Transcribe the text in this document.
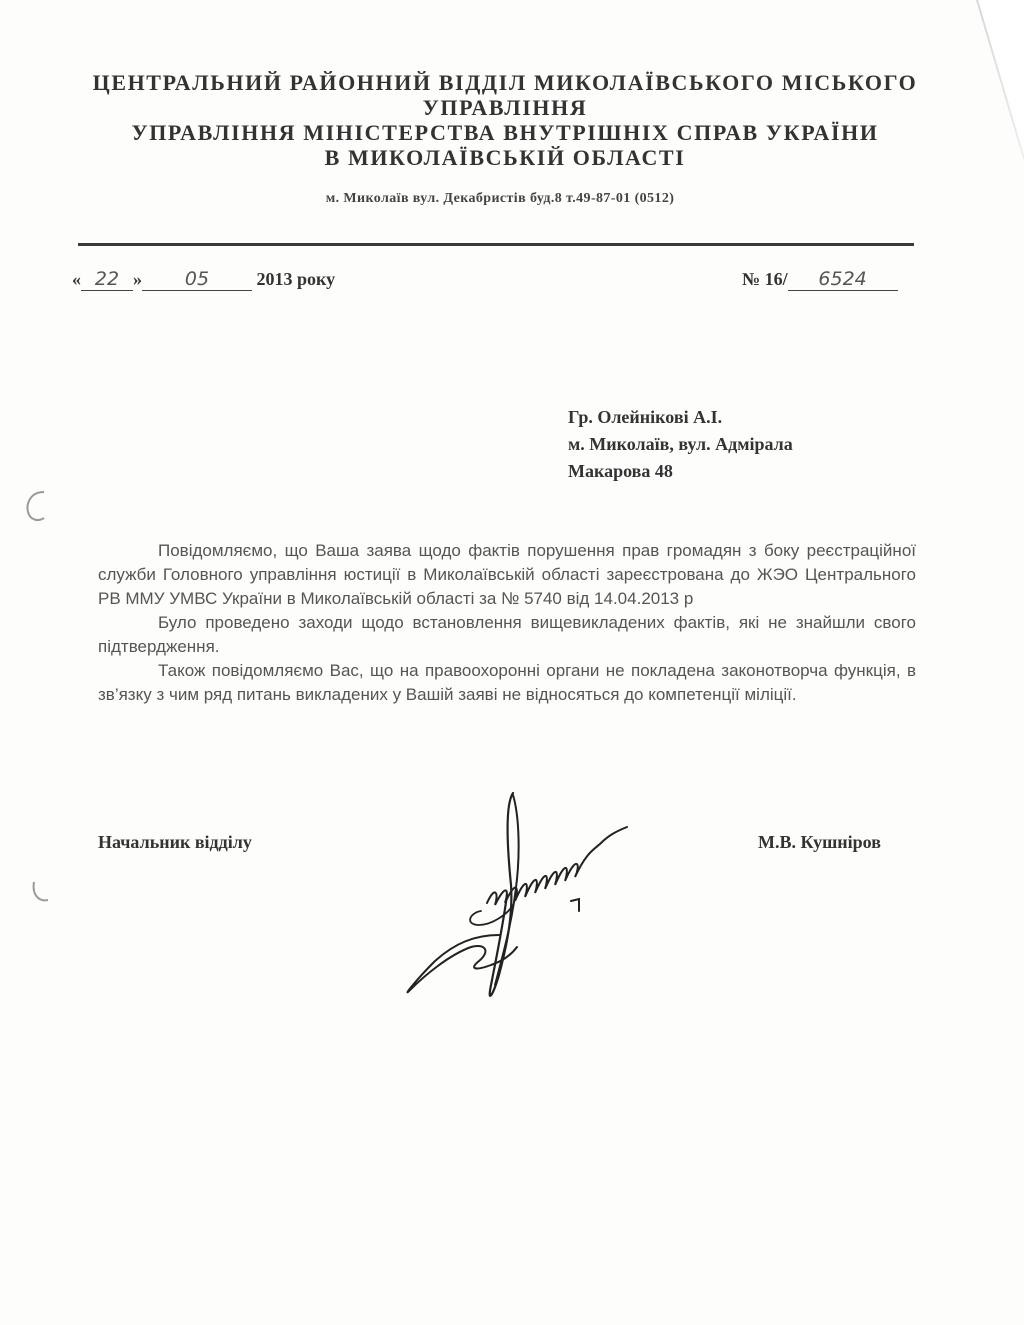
ЦЕНТРАЛЬНИЙ РАЙОННИЙ ВІДДІЛ МИКОЛАЇВСЬКОГО МІСЬКОГО
УПРАВЛІННЯ
УПРАВЛІННЯ МІНІСТЕРСТВА ВНУТРІШНІХ СПРАВ УКРАЇНИ
В МИКОЛАЇВСЬКІЙ ОБЛАСТІ
м. Миколаїв вул. Декабристів буд.8 т.49-87-01 (0512)
« 22 » 05	2013 року	№ 16/ 6524
Гр. Олейнікові А.І.
м. Миколаїв, вул. Адмірала
Макарова 48

Повідомляємо, що Ваша заява щодо фактів порушення прав громадян з боку реєстраційної служби Головного управління юстиції в Миколаївській області зареєстрована до ЖЭО Центрального РВ ММУ УМВС України в Миколаївській області за № 5740 від 14.04.2013 р

Було проведено заходи щодо встановлення вищевикладених фактів, які не знайшли свого підтвердження.

Також повідомляємо Вас, що на правоохоронні органи не покладена законотворча функція, в зв’язку з чим ряд питань викладених у Вашій заяві не відносяться до компетенції міліції.

Начальник відділу	М.В. Кушніров
